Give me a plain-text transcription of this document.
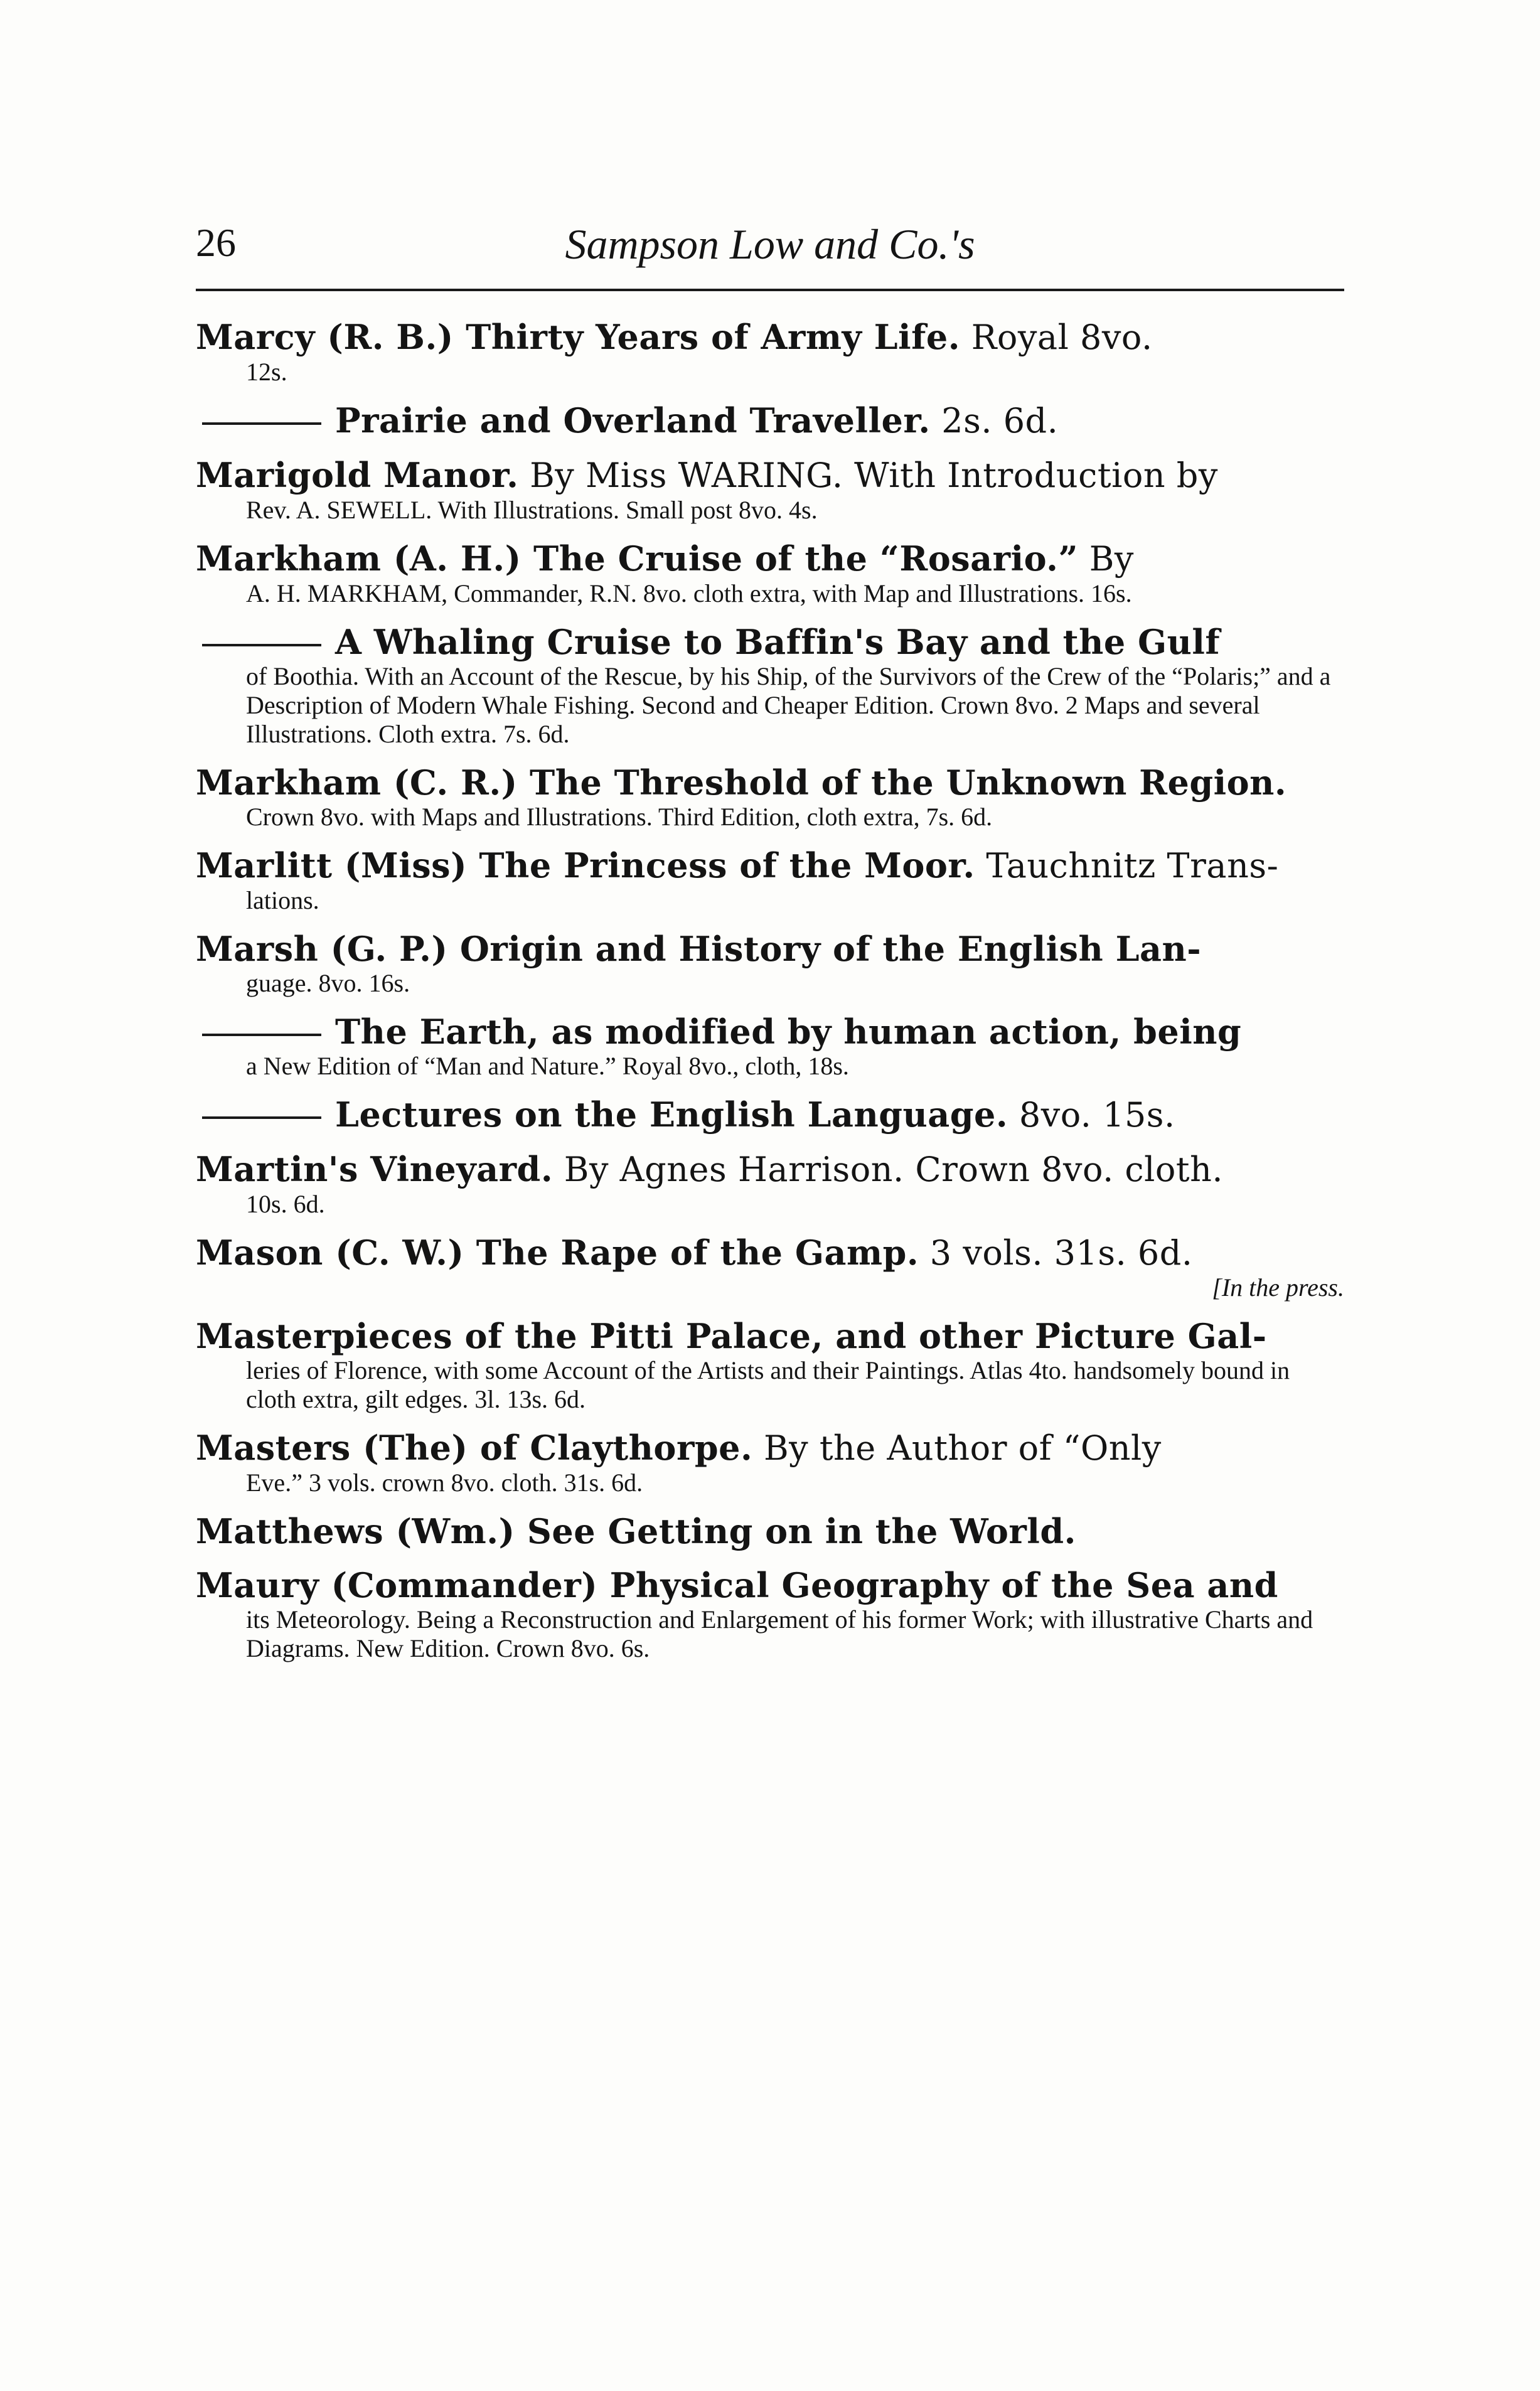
26	Sampson Low and Co.'s
Marcy (R. B.) Thirty Years of Army Life. Royal 8vo.
12s.
Prairie and Overland Traveller. 2s. 6d.
Marigold Manor. By Miss WARING. With Introduction by
Rev. A. SEWELL. With Illustrations. Small post 8vo. 4s.
Markham (A. H.) The Cruise of the “Rosario.” By
A. H. MARKHAM, Commander, R.N. 8vo. cloth extra, with Map and Illustrations. 16s.
A Whaling Cruise to Baffin's Bay and the Gulf
of Boothia. With an Account of the Rescue, by his Ship, of the Survivors of the Crew of the “Polaris;” and a Description of Modern Whale Fishing. Second and Cheaper Edition. Crown 8vo. 2 Maps and several Illustrations. Cloth extra. 7s. 6d.
Markham (C. R.) The Threshold of the Unknown Region.
Crown 8vo. with Maps and Illustrations. Third Edition, cloth extra, 7s. 6d.
Marlitt (Miss) The Princess of the Moor. Tauchnitz Trans-
lations.
Marsh (G. P.) Origin and History of the English Lan-
guage. 8vo. 16s.
The Earth, as modified by human action, being
a New Edition of “Man and Nature.” Royal 8vo., cloth, 18s.
Lectures on the English Language. 8vo. 15s.
Martin's Vineyard. By Agnes Harrison. Crown 8vo. cloth.
10s. 6d.
Mason (C. W.) The Rape of the Gamp. 3 vols. 31s. 6d.
[In the press.
Masterpieces of the Pitti Palace, and other Picture Gal-
leries of Florence, with some Account of the Artists and their Paintings. Atlas 4to. handsomely bound in cloth extra, gilt edges. 3l. 13s. 6d.
Masters (The) of Claythorpe. By the Author of “Only
Eve.” 3 vols. crown 8vo. cloth. 31s. 6d.
Matthews (Wm.) See Getting on in the World.
Maury (Commander) Physical Geography of the Sea and
its Meteorology. Being a Reconstruction and Enlargement of his former Work; with illustrative Charts and Diagrams. New Edition. Crown 8vo. 6s.
